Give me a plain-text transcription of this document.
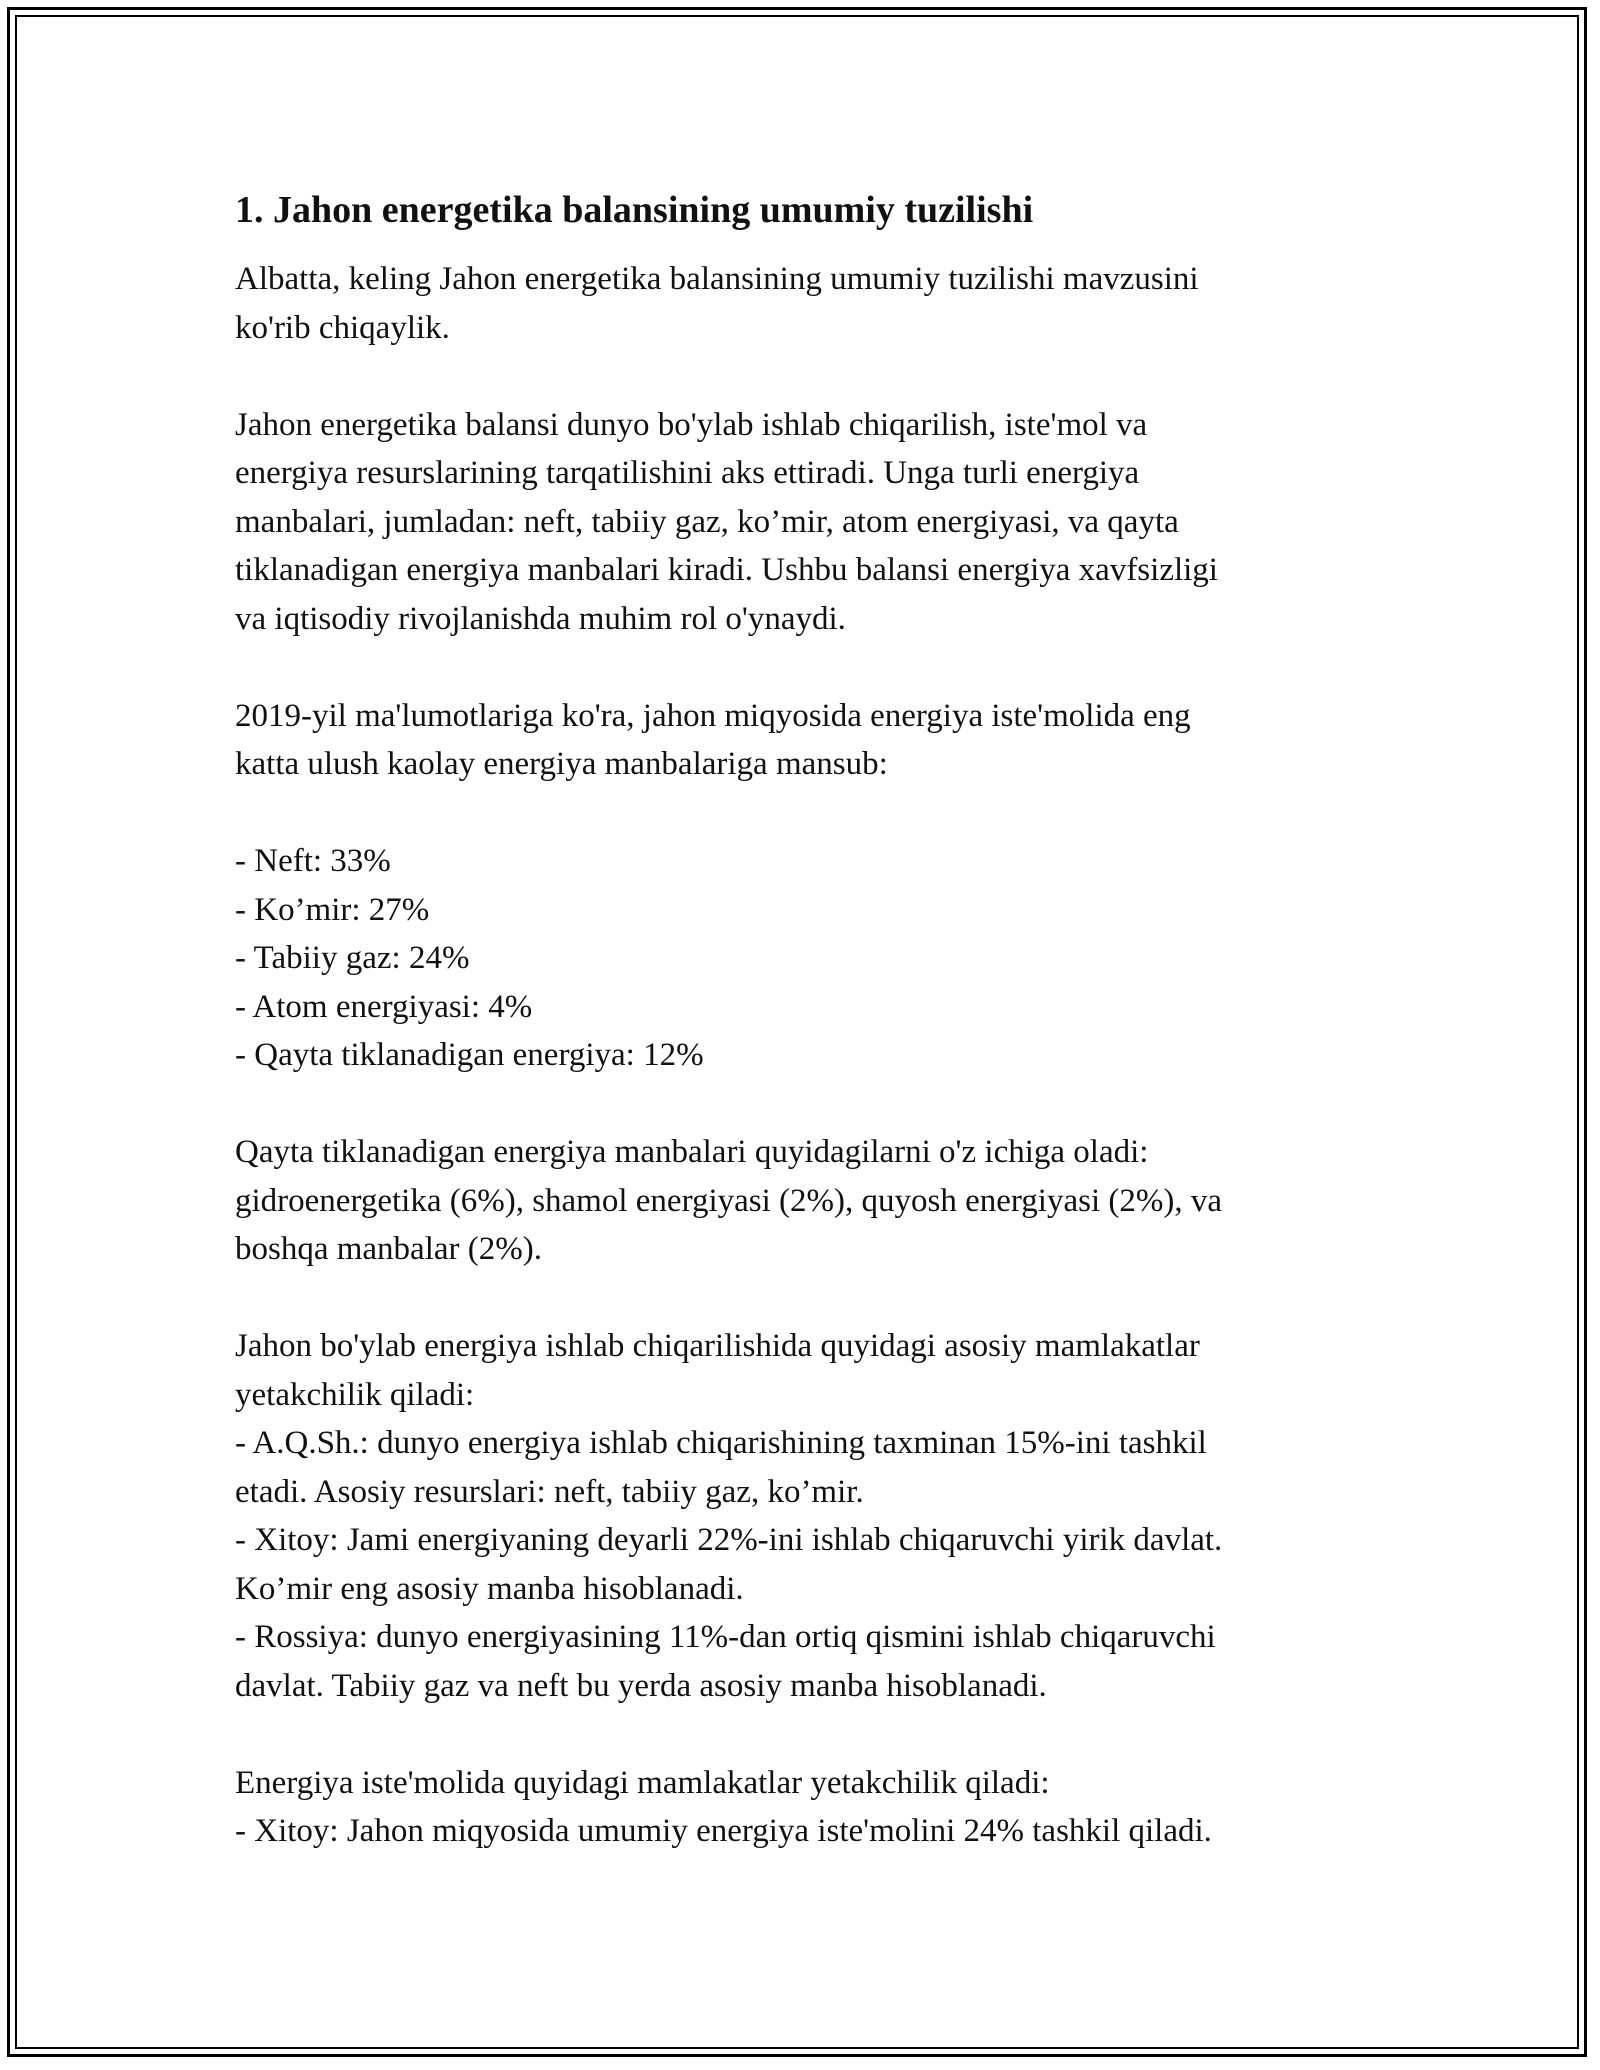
1. Jahon energetika balansining umumiy tuzilishi
Albatta, keling Jahon energetika balansining umumiy tuzilishi mavzusini
ko'rib chiqaylik.
Jahon energetika balansi dunyo bo'ylab ishlab chiqarilish, iste'mol va
energiya resurslarining tarqatilishini aks ettiradi. Unga turli energiya
manbalari, jumladan: neft, tabiiy gaz, ko’mir, atom energiyasi, va qayta
tiklanadigan energiya manbalari kiradi. Ushbu balansi energiya xavfsizligi
va iqtisodiy rivojlanishda muhim rol o'ynaydi.
2019-yil ma'lumotlariga ko'ra, jahon miqyosida energiya iste'molida eng
katta ulush kaolay energiya manbalariga mansub:
- Neft: 33%
- Ko’mir: 27%
- Tabiiy gaz: 24%
- Atom energiyasi: 4%
- Qayta tiklanadigan energiya: 12%
Qayta tiklanadigan energiya manbalari quyidagilarni o'z ichiga oladi:
gidroenergetika (6%), shamol energiyasi (2%), quyosh energiyasi (2%), va
boshqa manbalar (2%).
Jahon bo'ylab energiya ishlab chiqarilishida quyidagi asosiy mamlakatlar
yetakchilik qiladi:
- A.Q.Sh.: dunyo energiya ishlab chiqarishining taxminan 15%-ini tashkil
etadi. Asosiy resurslari: neft, tabiiy gaz, ko’mir.
- Xitoy: Jami energiyaning deyarli 22%-ini ishlab chiqaruvchi yirik davlat.
Ko’mir eng asosiy manba hisoblanadi.
- Rossiya: dunyo energiyasining 11%-dan ortiq qismini ishlab chiqaruvchi
davlat. Tabiiy gaz va neft bu yerda asosiy manba hisoblanadi.
Energiya iste'molida quyidagi mamlakatlar yetakchilik qiladi:
- Xitoy: Jahon miqyosida umumiy energiya iste'molini 24% tashkil qiladi.
